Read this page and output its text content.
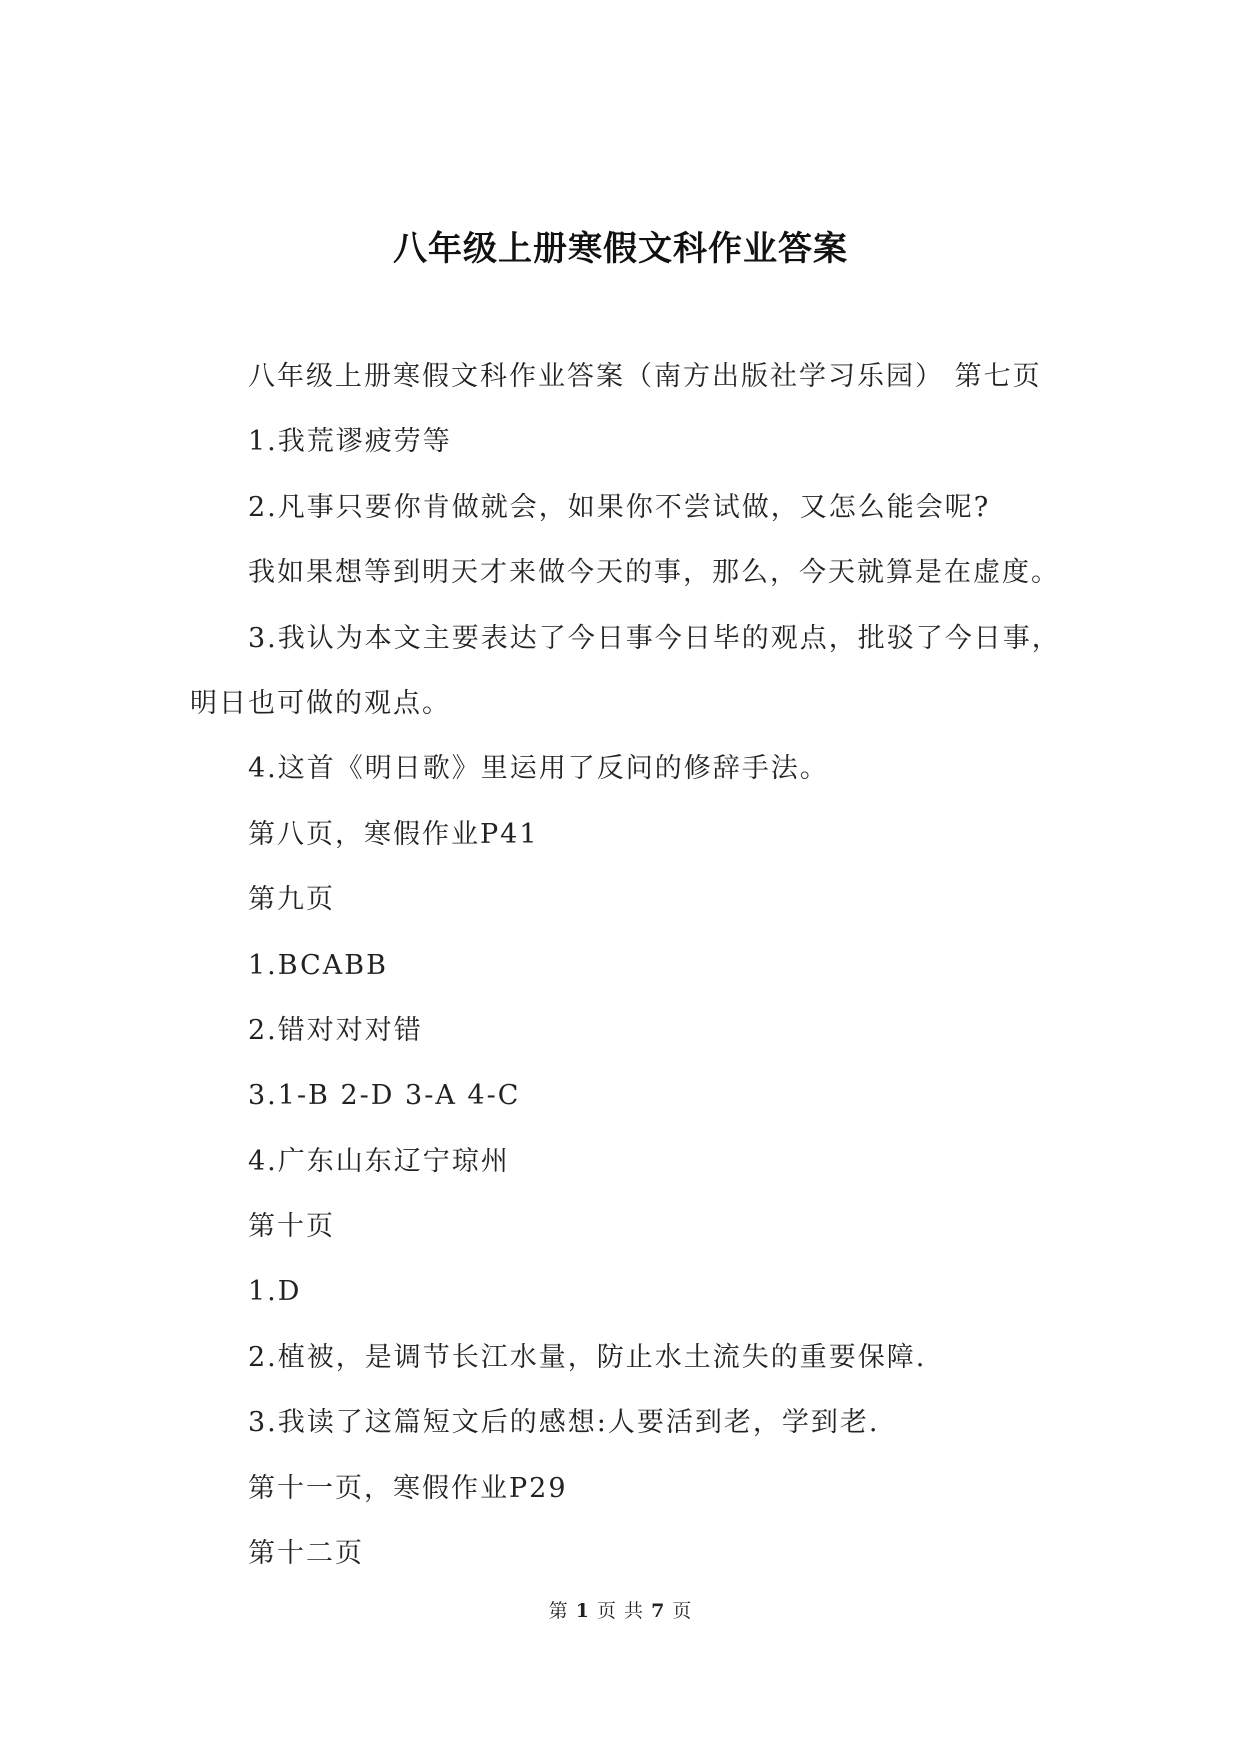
八年级上册寒假文科作业答案
八年级上册寒假文科作业答案（南方出版社学习乐园） 第七页
1.我荒谬疲劳等
2.凡事只要你肯做就会，如果你不尝试做，又怎么能会呢?
我如果想等到明天才来做今天的事，那么，今天就算是在虚度。
3.我认为本文主要表达了今日事今日毕的观点，批驳了今日事，
明日也可做的观点。
4.这首《明日歌》里运用了反问的修辞手法。
第八页，寒假作业P41
第九页
1.BCABB
2.错对对对错
3.1-B 2-D 3-A 4-C
4.广东山东辽宁琼州
第十页
1.D
2.植被，是调节长江水量，防止水土流失的重要保障.
3.我读了这篇短文后的感想:人要活到老，学到老.
第十一页，寒假作业P29
第十二页
第 1 页 共 7 页
